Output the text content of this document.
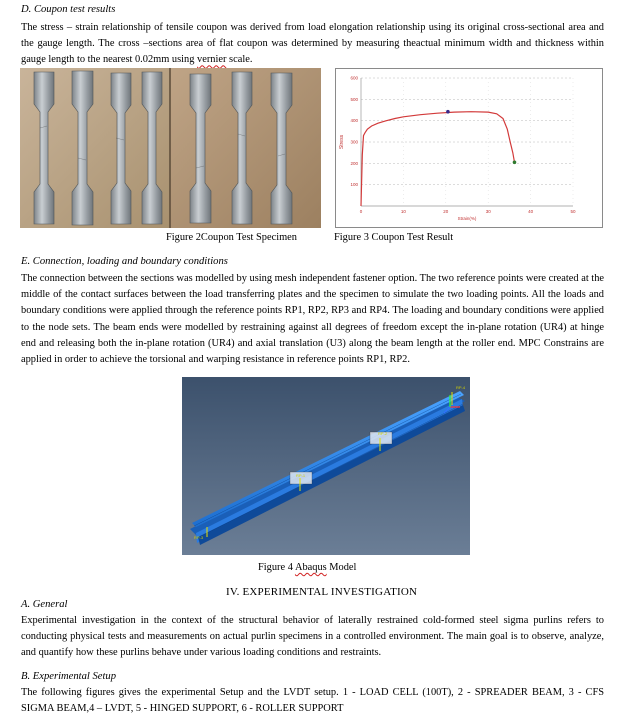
D. Coupon test results
The stress – strain relationship of tensile coupon was derived from load elongation relationship using its original cross-sectional area and the gauge length. The cross –sections area of flat coupon was determined by measuring theactual minimum width and thickness within gauge length to the nearest 0.02mm using vernier scale.
100
200
300
400
500
600
0	10	20	30	40	50
Strain(%)
Stress
Figure 2Coupon Test Specimen	Figure 3 Coupon Test Result
E. Connection, loading and boundary conditions
The connection between the sections was modelled by using mesh independent fastener option. The two reference points were created at the middle of the contact surfaces between the load transferring plates and the specimen to simulate the two loading points. All the loads and boundary conditions were applied through the reference points RP1, RP2, RP3 and RP4. The loading and boundary conditions were applied to the node sets. The beam ends were modelled by restraining against all degrees of freedom except the in-plane rotation (UR4) at hinge end and releasing both the in-plane rotation (UR4) and axial translation (U3) along the beam length at the roller end. MPC Constrains are applied in order to achieve the torsional and warping resistance in reference points RP1, RP2.
RP-1
RP-2
RP-3
RP-4
Figure 4 Abaqus Model
IV. EXPERIMENTAL INVESTIGATION
A. General
Experimental investigation in the context of the structural behavior of laterally restrained cold-formed steel sigma purlins refers to conducting physical tests and measurements on actual purlin specimens in a controlled environment. The main goal is to observe, analyze, and quantify how these purlins behave under various loading conditions and restraints.
B. Experimental Setup
The following figures gives the experimental Setup and the LVDT setup. 1 - LOAD CELL (100T), 2 - SPREADER BEAM, 3 - CFS SIGMA BEAM,4 – LVDT, 5 - HINGED SUPPORT, 6 - ROLLER SUPPORT
